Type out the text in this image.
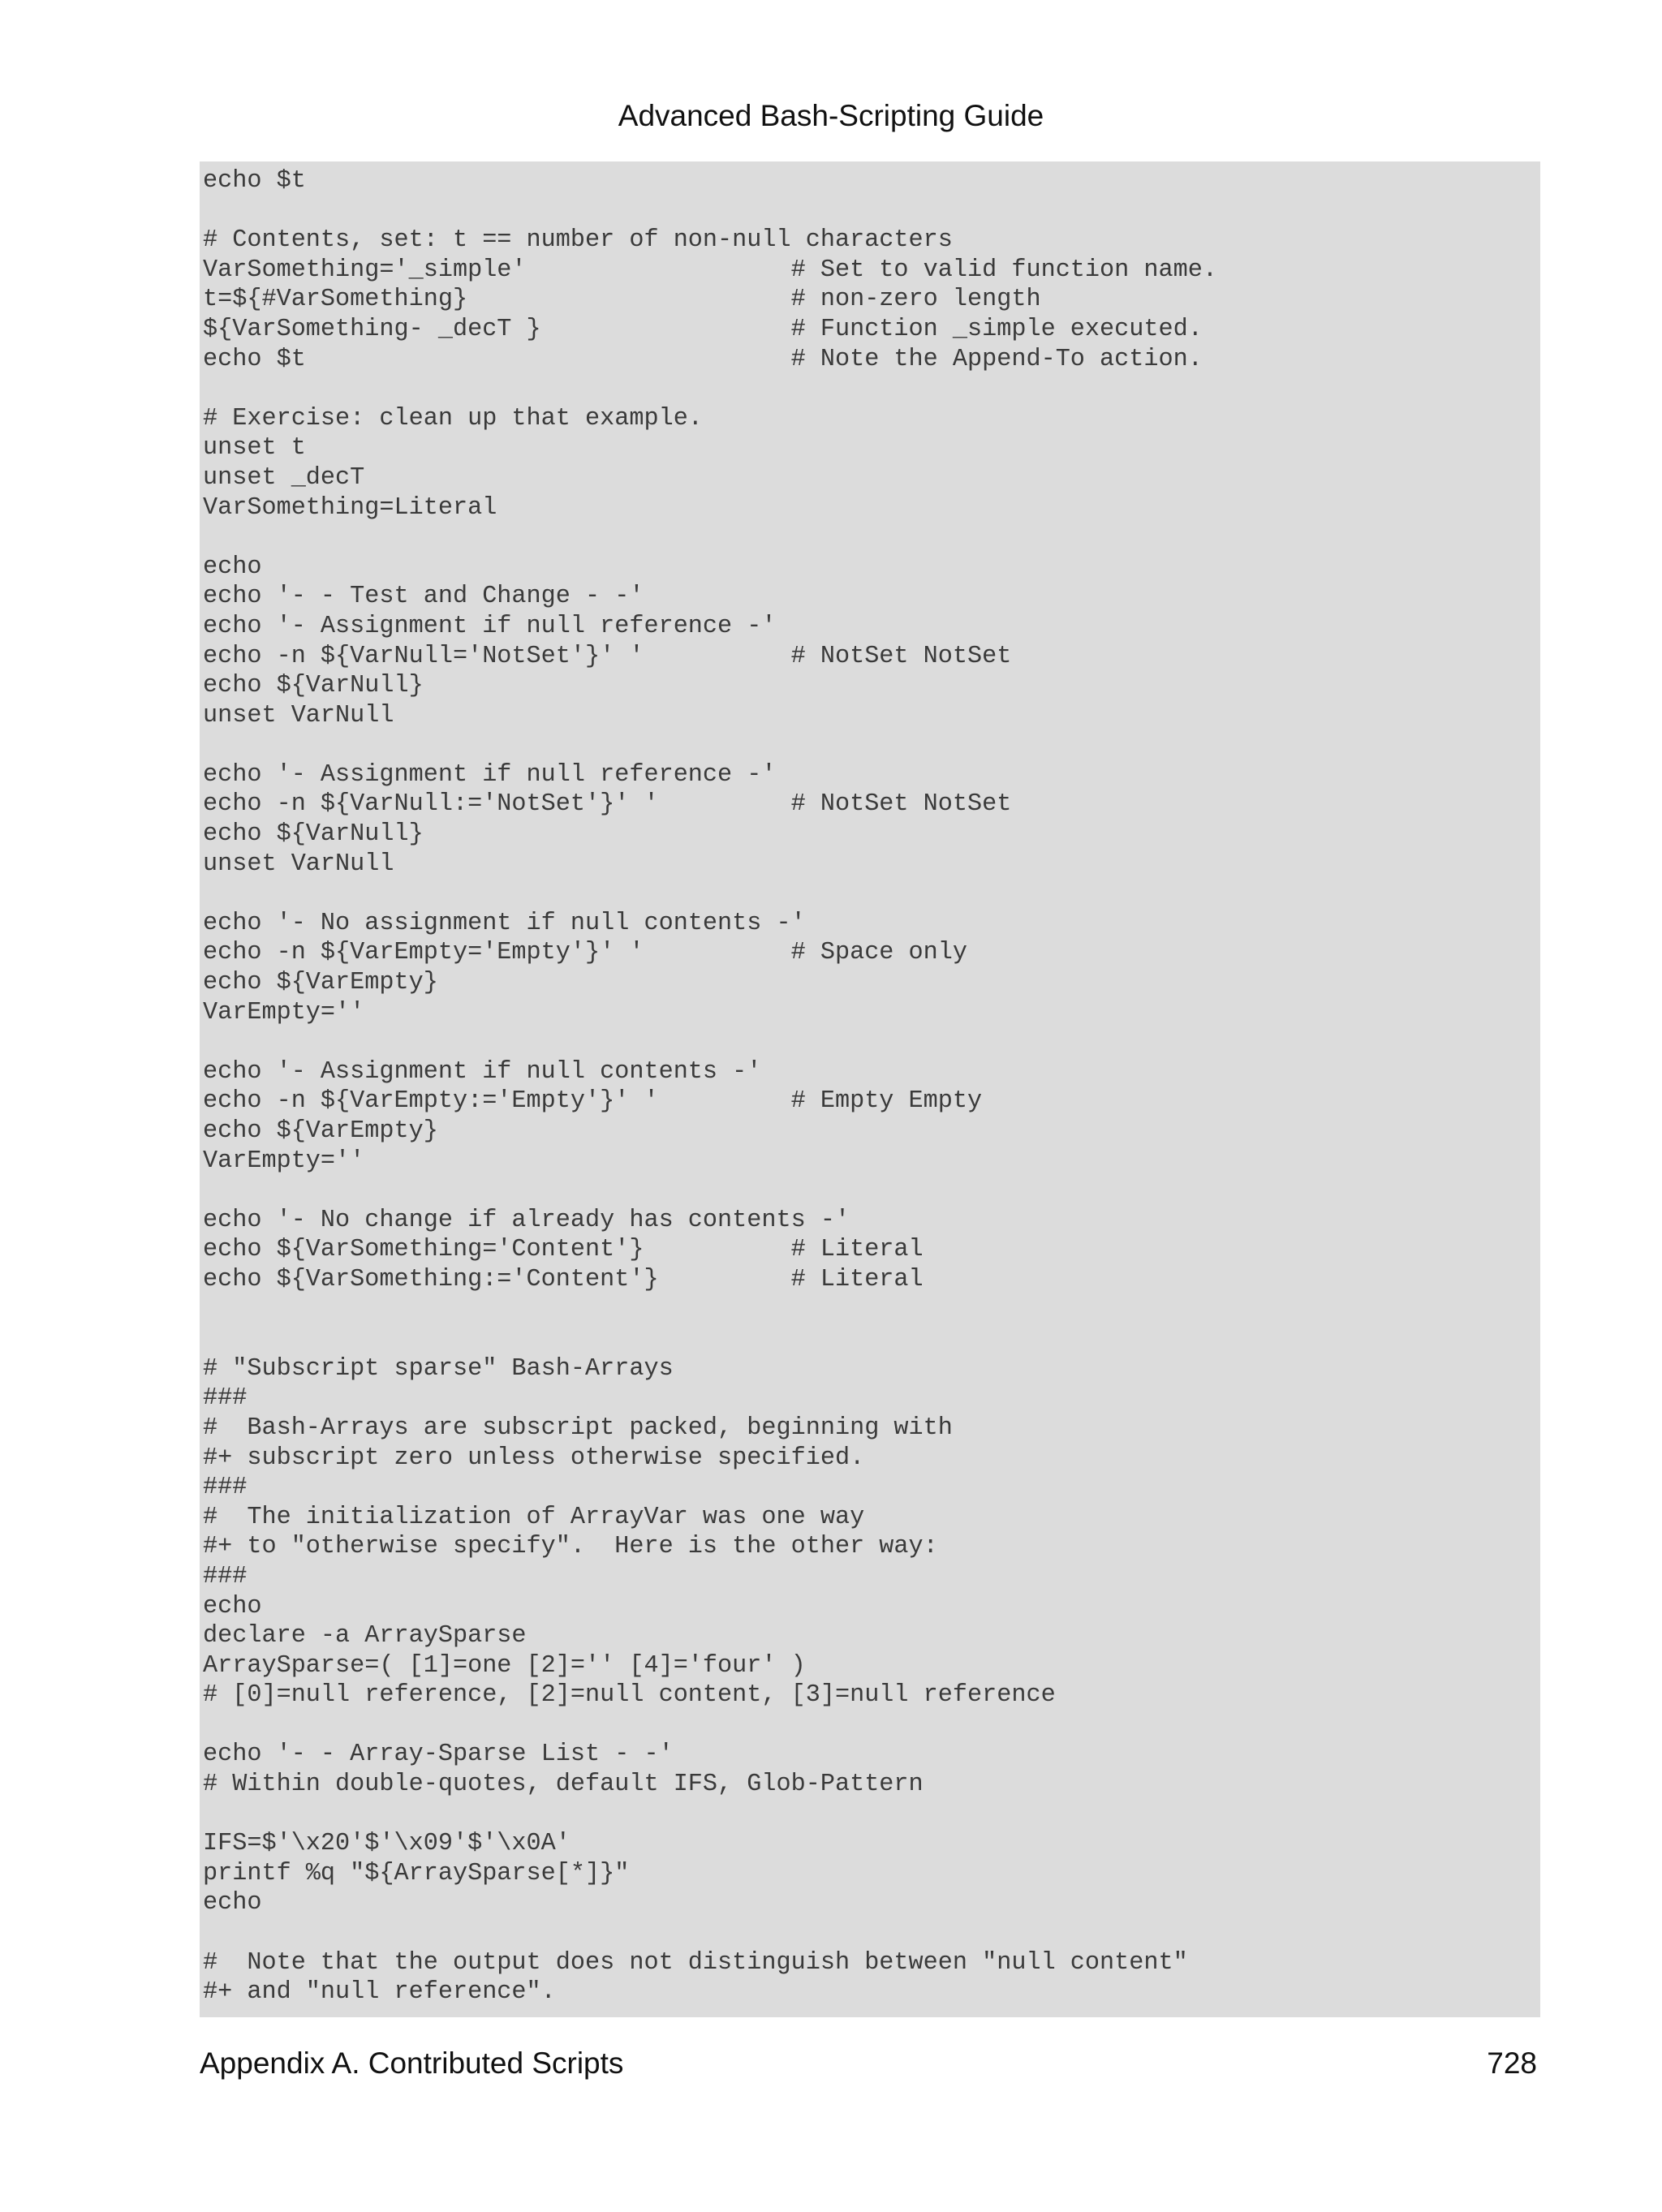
Advanced Bash-Scripting Guide
echo $t
# Contents, set: t == number of non-null characters
VarSomething='_simple'                  # Set to valid function name.
t=${#VarSomething}                      # non-zero length
${VarSomething- _decT }                 # Function _simple executed.
echo $t                                 # Note the Append-To action.
# Exercise: clean up that example.
unset t
unset _decT
VarSomething=Literal
echo
echo '- - Test and Change - -'
echo '- Assignment if null reference -'
echo -n ${VarNull='NotSet'}' '          # NotSet NotSet
echo ${VarNull}
unset VarNull
echo '- Assignment if null reference -'
echo -n ${VarNull:='NotSet'}' '         # NotSet NotSet
echo ${VarNull}
unset VarNull
echo '- No assignment if null contents -'
echo -n ${VarEmpty='Empty'}' '          # Space only
echo ${VarEmpty}
VarEmpty=''
echo '- Assignment if null contents -'
echo -n ${VarEmpty:='Empty'}' '         # Empty Empty
echo ${VarEmpty}
VarEmpty=''
echo '- No change if already has contents -'
echo ${VarSomething='Content'}          # Literal
echo ${VarSomething:='Content'}         # Literal
# "Subscript sparse" Bash-Arrays
###
#  Bash-Arrays are subscript packed, beginning with
#+ subscript zero unless otherwise specified.
###
#  The initialization of ArrayVar was one way
#+ to "otherwise specify".  Here is the other way:
###
echo
declare -a ArraySparse
ArraySparse=( [1]=one [2]='' [4]='four' )
# [0]=null reference, [2]=null content, [3]=null reference
echo '- - Array-Sparse List - -'
# Within double-quotes, default IFS, Glob-Pattern
IFS=$'\x20'$'\x09'$'\x0A'
printf %q "${ArraySparse[*]}"
echo
#  Note that the output does not distinguish between "null content"
#+ and "null reference".
Appendix A. Contributed Scripts	728
